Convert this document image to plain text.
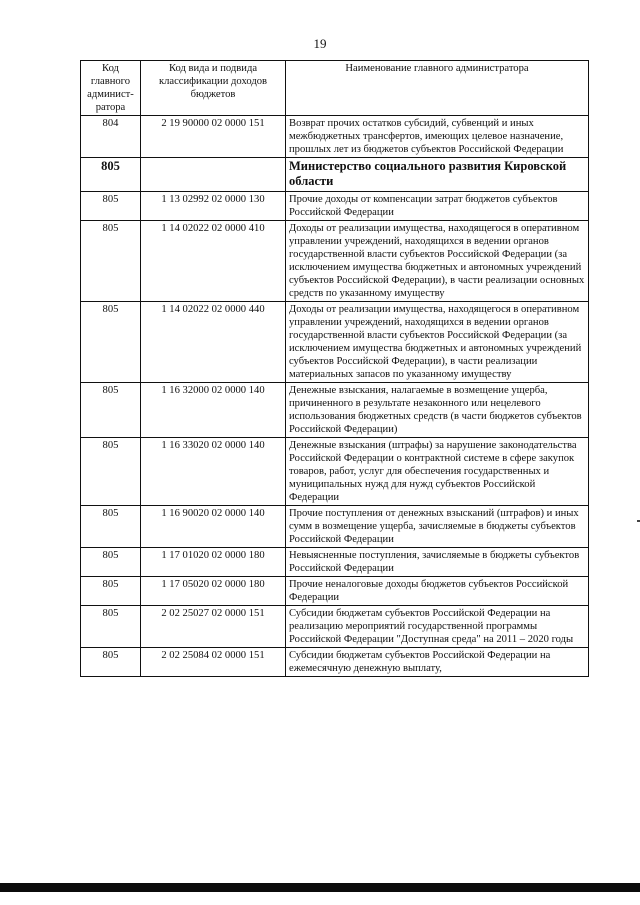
19
Код главного админист-ратора	Код вида и подвида классификации доходов бюджетов	Наименование главного администратора
804	2 19 90000 02 0000 151	Возврат прочих остатков субсидий, субвенций и иных межбюджетных трансфертов, имеющих целевое назначение, прошлых лет из бюджетов субъектов Российской Федерации
805		Министерство социального развития Кировской области
805	1 13 02992 02 0000 130	Прочие доходы от компенсации затрат бюджетов субъектов Российской Федерации
805	1 14 02022 02 0000 410	Доходы от реализации имущества, находящегося в оперативном управлении учреждений, находящихся в ведении органов государственной власти субъектов Российской Федерации (за исключением имущества бюджетных и автономных учреждений субъектов Российской Федерации), в части реализации основных средств по указанному имуществу
805	1 14 02022 02 0000 440	Доходы от реализации имущества, находящегося в оперативном управлении учреждений, находящихся в ведении органов государственной власти субъектов Российской Федерации (за исключением имущества бюджетных и автономных учреждений субъектов Российской Федерации), в части реализации материальных запасов по указанному имуществу
805	1 16 32000 02 0000 140	Денежные взыскания, налагаемые в возмещение ущерба, причиненного в результате незаконного или нецелевого использования бюджетных средств (в части бюджетов субъектов Российской Федерации)
805	1 16 33020 02 0000 140	Денежные взыскания (штрафы) за нарушение законодательства Российской Федерации о контрактной системе в сфере закупок товаров, работ, услуг для обеспечения государственных и муниципальных нужд для нужд субъектов Российской Федерации
805	1 16 90020 02 0000 140	Прочие поступления от денежных взысканий (штрафов) и иных сумм в возмещение ущерба, зачисляемые в бюджеты субъектов Российской Федерации
805	1 17 01020 02 0000 180	Невыясненные поступления, зачисляемые в бюджеты субъектов Российской Федерации
805	1 17 05020 02 0000 180	Прочие неналоговые доходы бюджетов субъектов Российской Федерации
805	2 02 25027 02 0000 151	Субсидии бюджетам субъектов Российской Федерации на реализацию мероприятий государственной программы Российской Федерации "Доступная среда" на 2011 – 2020 годы
805	2 02 25084 02 0000 151	Субсидии бюджетам субъектов Российской Федерации на ежемесячную денежную выплату,
